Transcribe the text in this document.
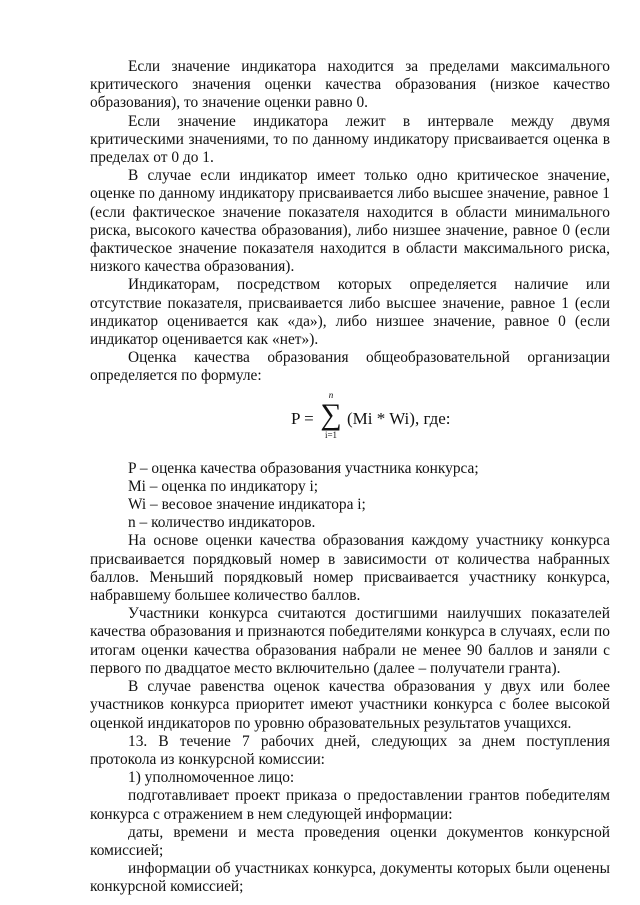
Если значение индикатора находится за пределами максимального критического значения оценки качества образования (низкое качество образования), то значение оценки равно 0.

Если значение индикатора лежит в интервале между двумя критическими значениями, то по данному индикатору присваивается оценка в пределах от 0 до 1.

В случае если индикатор имеет только одно критическое значение, оценке по данному индикатору присваивается либо высшее значение, равное 1 (если фактическое значение показателя находится в области минимального риска, высокого качества образования), либо низшее значение, равное 0 (если фактическое значение показателя находится в области максимального риска, низкого качества образования).

Индикаторам, посредством которых определяется наличие или отсутствие показателя, присваивается либо высшее значение, равное 1 (если индикатор оценивается как «да»), либо низшее значение, равное 0 (если индикатор оценивается как «нет»).

Оценка качества образования общеобразовательной организации определяется по формуле:

P =
n
∑
i=1
(Mi * Wi), где:

P – оценка качества образования участника конкурса;

Mi – оценка по индикатору i;

Wi – весовое значение индикатора i;

n – количество индикаторов.

На основе оценки качества образования каждому участнику конкурса присваивается порядковый номер в зависимости от количества набранных баллов. Меньший порядковый номер присваивается участнику конкурса, набравшему большее количество баллов.

Участники конкурса считаются достигшими наилучших показателей качества образования и признаются победителями конкурса в случаях, если по итогам оценки качества образования набрали не менее 90 баллов и заняли с первого по двадцатое место включительно (далее – получатели гранта).

В случае равенства оценок качества образования у двух или более участников конкурса приоритет имеют участники конкурса с более высокой оценкой индикаторов по уровню образовательных результатов учащихся.

13. В течение 7 рабочих дней, следующих за днем поступления протокола из конкурсной комиссии:

1) уполномоченное лицо:

подготавливает проект приказа о предоставлении грантов победителям конкурса с отражением в нем следующей информации:

даты, времени и места проведения оценки документов конкурсной комиссией;

информации об участниках конкурса, документы которых были оценены конкурсной комиссией;
